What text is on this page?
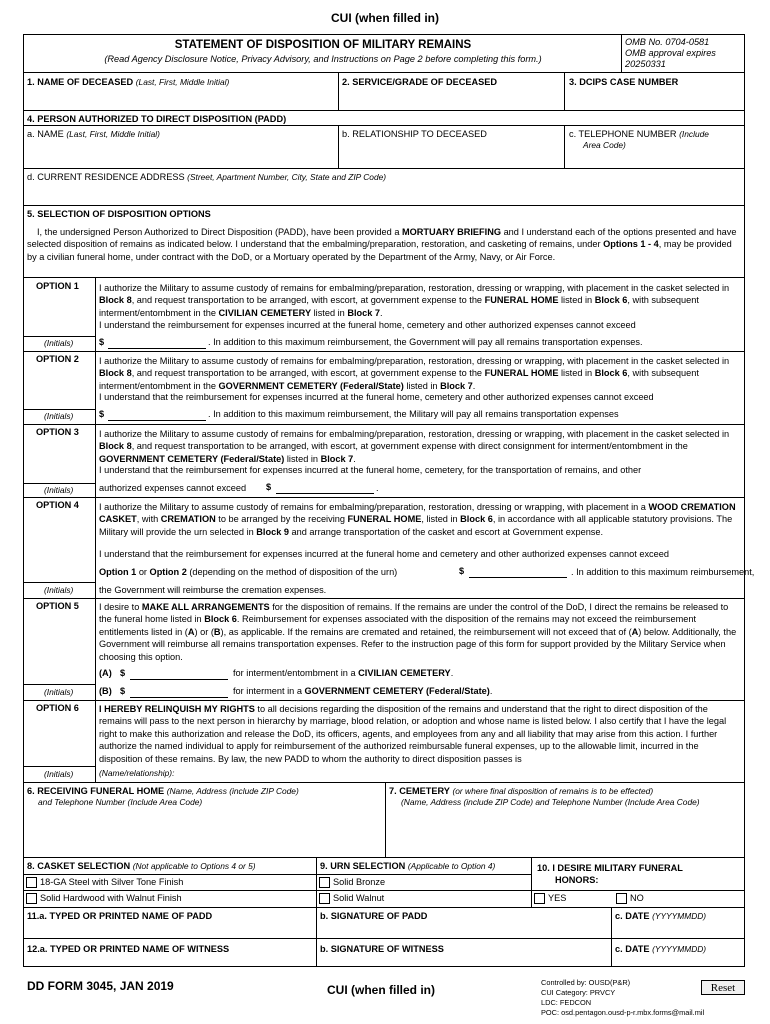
CUI (when filled in)
STATEMENT OF DISPOSITION OF MILITARY REMAINS
(Read Agency Disclosure Notice, Privacy Advisory, and Instructions on Page 2 before completing this form.)
OMB No. 0704-0581
OMB approval expires
20250331
1. NAME OF DECEASED (Last, First, Middle Initial)	2. SERVICE/GRADE OF DECEASED	3. DCIPS CASE NUMBER
4. PERSON AUTHORIZED TO DIRECT DISPOSITION (PADD)
a. NAME (Last, First, Middle Initial)	b. RELATIONSHIP TO DECEASED	c. TELEPHONE NUMBER (Include
Area Code)
d. CURRENT RESIDENCE ADDRESS (Street, Apartment Number, City, State and ZIP Code)
5. SELECTION OF DISPOSITION OPTIONS
I, the undersigned Person Authorized to Direct Disposition (PADD), have been provided a MORTUARY BRIEFING and I understand each of the options presented and have selected disposition of remains as indicated below. I understand that the embalming/preparation, restoration, and casketing of remains, under Options 1 - 4, may be provided by a civilian funeral home, under contract with the DoD, or a Mortuary operated by the Department of the Army, Navy, or Air Force.
OPTION 1 I authorize the Military to assume custody of remains for embalming/preparation, restoration, dressing or wrapping, with placement in the casket selected in Block 8, and request transportation to be arranged, with escort, at government expense to the FUNERAL HOME listed in Block 6, with subsequent interment/entombment in the CIVILIAN CEMETERY listed in Block 7.
I understand the reimbursement for expenses incurred at the funeral home, cemetery and other authorized expenses cannot exceed
(Initials)	$	. In addition to this maximum reimbursement, the Government will pay all remains transportation expenses.
OPTION 2 I authorize the Military to assume custody of remains for embalming/preparation, restoration, dressing or wrapping, with placement in the casket selected in Block 8, and request transportation to be arranged, with escort, at government expense to the FUNERAL HOME listed in Block 6, with subsequent interment/entombment in the GOVERNMENT CEMETERY (Federal/State) listed in Block 7.
I understand that the reimbursement for expenses incurred at the funeral home, cemetery and other authorized expenses cannot exceed
(Initials)	$	. In addition to this maximum reimbursement, the Military will pay all remains transportation expenses
OPTION 3 I authorize the Military to assume custody of remains for embalming/preparation, restoration, dressing or wrapping, with placement in the casket selected in Block 8, and request transportation to be arranged, with escort, at government expense with direct consignment for interment/entombment in the GOVERNMENT CEMETERY (Federal/State) listed in Block 7.
I understand that the reimbursement for expenses incurred at the funeral home, cemetery, for the transportation of remains, and other
(Initials)	authorized expenses cannot exceed $	.
OPTION 4 I authorize the Military to assume custody of remains for embalming/preparation, restoration, dressing or wrapping, with placement in a WOOD CREMATION CASKET, with CREMATION to be arranged by the receiving FUNERAL HOME, listed in Block 6, in accordance with all applicable statutory provisions. The Military will provide the urn selected in Block 9 and arrange transportation of the casket and escort at Government expense.
I understand that the reimbursement for expenses incurred at the funeral home and cemetery and other authorized expenses cannot exceed
Option 1 or Option 2 (depending on the method of disposition of the urn)	$	. In addition to this maximum reimbursement,
(Initials)	the Government will reimburse the cremation expenses.
OPTION 5 I desire to MAKE ALL ARRANGEMENTS for the disposition of remains. If the remains are under the control of the DoD, I direct the remains be released to the funeral home listed in Block 6. Reimbursement for expenses associated with the disposition of the remains may not exceed the reimbursement entitlements listed in (A) or (B), as applicable. If the remains are cremated and retained, the reimbursement will not exceed that of (A) below. Additionally, the Government will reimburse all remains transportation expenses. Refer to the instruction page of this form for support provided by the Military Service when choosing this option.
(A) $	for interment/entombment in a CIVILIAN CEMETERY.
(Initials)	(B) $	for interment in a GOVERNMENT CEMETERY (Federal/State).
OPTION 6 I HEREBY RELINQUISH MY RIGHTS to all decisions regarding the disposition of the remains and understand that the right to direct disposition of the remains will pass to the next person in hierarchy by marriage, blood relation, or adoption and whose name is listed below. I also certify that I have the legal right to make this authorization and release the DoD, its officers, agents, and employees from any and all liability that may arise from this action. I further authorize the named individual to apply for reimbursement of the authorized reimbursable funeral expenses, up to the allowable limit, incurred in the disposition of these remains. By law, the new PADD to whom the authority to direct disposition passes is
(Initials)	(Name/relationship):
6. RECEIVING FUNERAL HOME (Name, Address (include ZIP Code)
and Telephone Number (Include Area Code)
7. CEMETERY (or where final disposition of remains is to be effected)
(Name, Address (include ZIP Code) and Telephone Number (Include Area Code)
8. CASKET SELECTION (Not applicable to Options 4 or 5)	9. URN SELECTION (Applicable to Option 4)	10. I DESIRE MILITARY FUNERAL
HONORS:
18-GA Steel with Silver Tone Finish	Solid Bronze
Solid Hardwood with Walnut Finish	Solid Walnut	YES	NO
11.a. TYPED OR PRINTED NAME OF PADD	b. SIGNATURE OF PADD	c. DATE (YYYYMMDD)
12.a. TYPED OR PRINTED NAME OF WITNESS	b. SIGNATURE OF WITNESS	c. DATE (YYYYMMDD)
DD FORM 3045, JAN 2019	CUI (when filled in)
Controlled by: OUSD(P&R)
CUI Category: PRVCY
LDC: FEDCON
POC: osd.pentagon.ousd-p-r.mbx.forms@mail.mil
Reset
